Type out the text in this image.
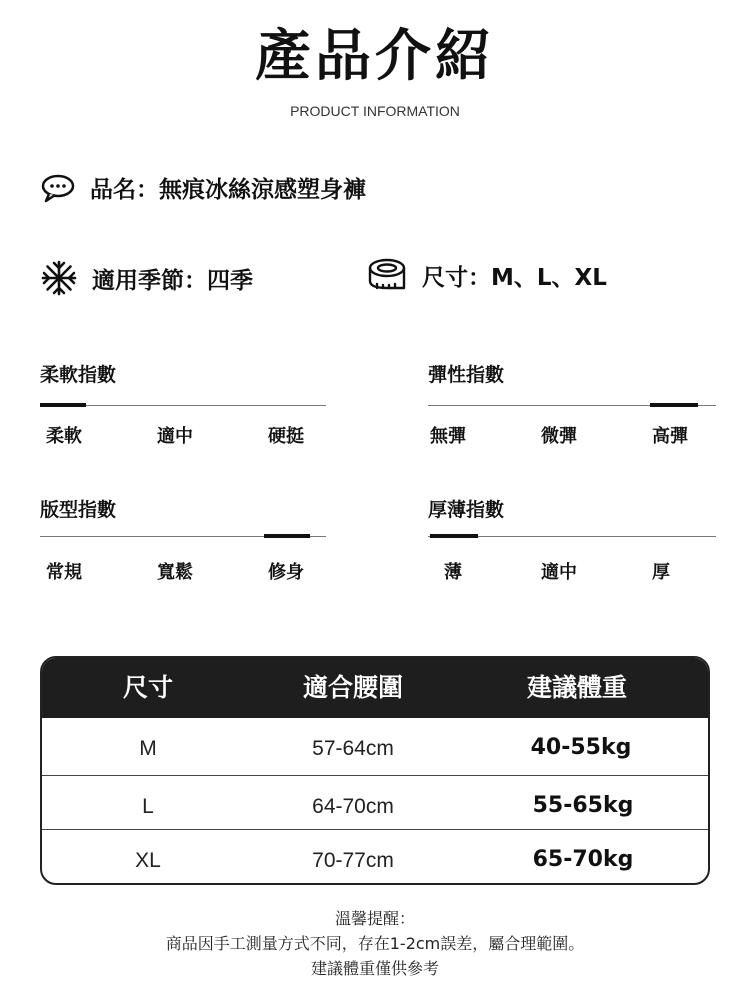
產品介紹
PRODUCT INFORMATION
品名：無痕冰絲涼感塑身褲
適用季節：四季	尺寸：M、L、XL
柔軟指數
柔軟	適中	硬挺
彈性指數
無彈	微彈	高彈
版型指數
常規	寬鬆	修身
厚薄指數
薄	適中	厚
尺寸	適合腰圍	建議體重
M	57-64cm	40-55kg
L	64-70cm	55-65kg
XL	70-77cm	65-70kg
溫馨提醒：
商品因手工測量方式不同，存在1-2cm誤差，屬合理範圍。
建議體重僅供參考
